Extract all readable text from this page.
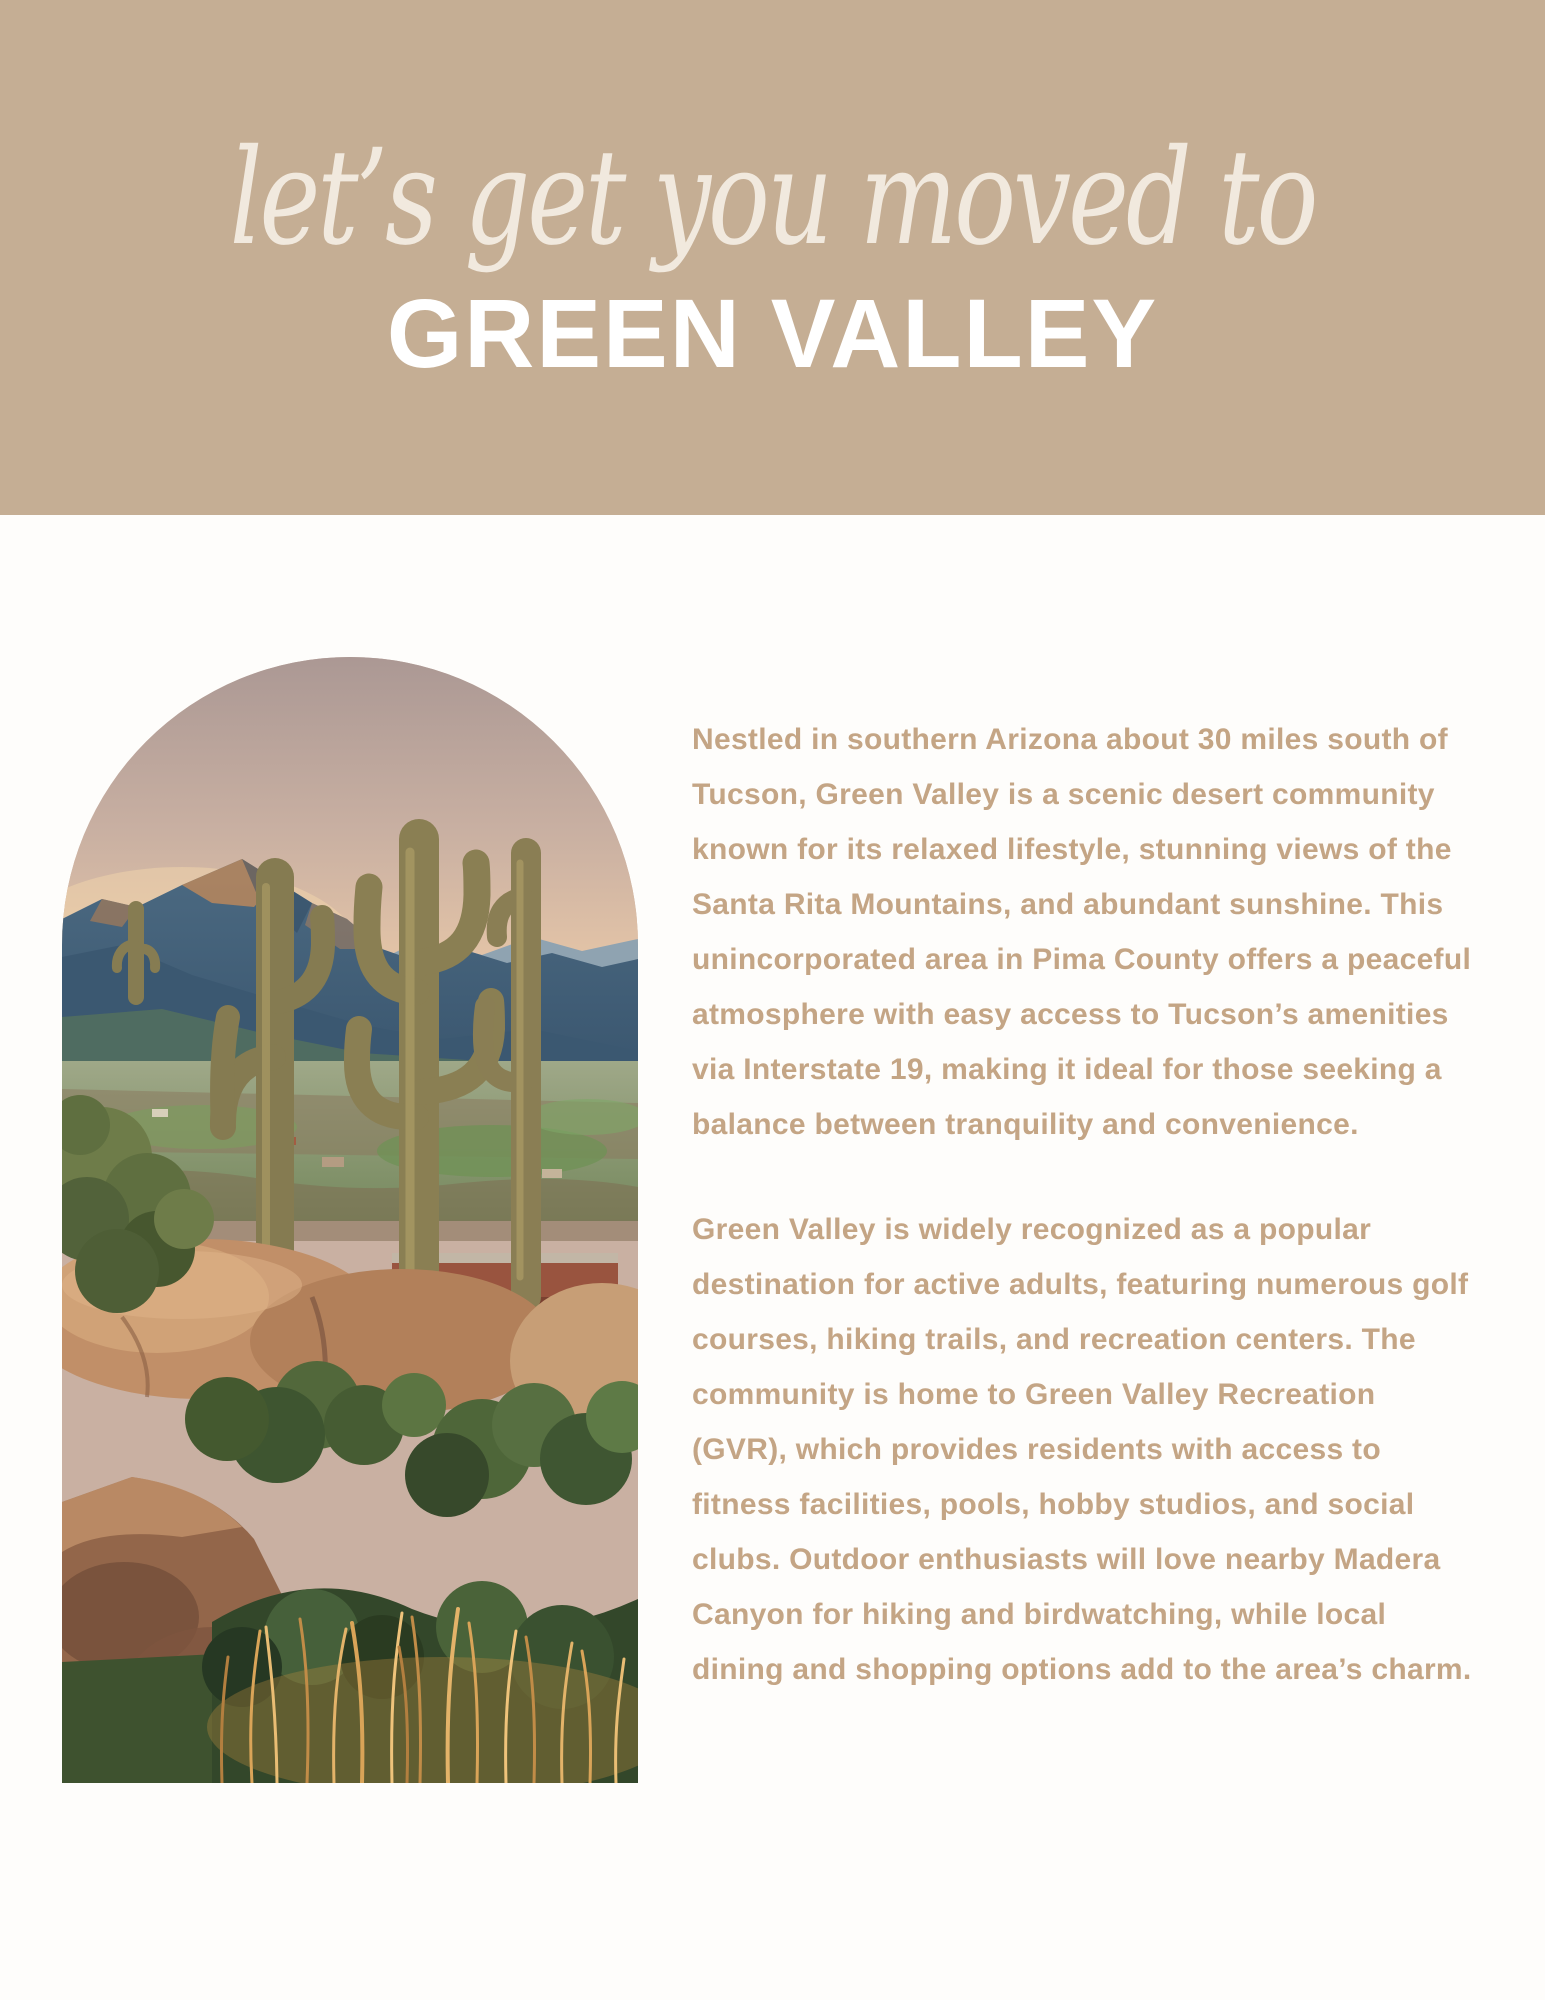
let’s get you moved to
GREEN VALLEY

Nestled in southern Arizona about 30 miles south of Tucson, Green Valley is a scenic desert community known for its relaxed lifestyle, stunning views of the Santa Rita Mountains, and abundant sunshine. This unincorporated area in Pima County offers a peaceful atmosphere with easy access to Tucson’s amenities via Interstate 19, making it ideal for those seeking a balance between tranquility and convenience.

Green Valley is widely recognized as a popular destination for active adults, featuring numerous golf courses, hiking trails, and recreation centers. The community is home to Green Valley Recreation (GVR), which provides residents with access to fitness facilities, pools, hobby studios, and social clubs. Outdoor enthusiasts will love nearby Madera Canyon for hiking and birdwatching, while local dining and shopping options add to the area’s charm.
